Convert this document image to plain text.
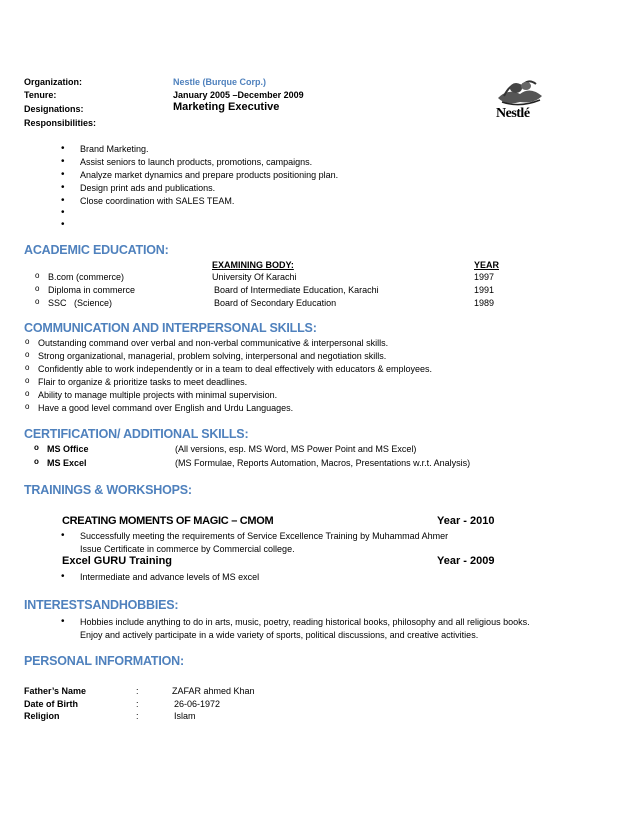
Organization:	Nestle (Burque Corp.)
Tenure:	January 2005 –December 2009
Designations:	Marketing Executive
Responsibilities:
• Brand Marketing.
• Assist seniors to launch products, promotions, campaigns.
• Analyze market dynamics and prepare products positioning plan.
• Design print ads and publications.
• Close coordination with SALES TEAM.
Nestlé
ACADEMIC EDUCATION:
EXAMINING BODY:	YEAR
o B.com (commerce)	University Of Karachi	1997
o Diploma in commerce	Board of Intermediate Education, Karachi	1991
o SSC   (Science)	Board of Secondary Education	1989
COMMUNICATION AND INTERPERSONAL SKILLS:
o Outstanding command over verbal and non-verbal communicative & interpersonal skills.
o Strong organizational, managerial, problem solving, interpersonal and negotiation skills.
o Confidently able to work independently or in a team to deal effectively with educators & employees.
o Flair to organize & prioritize tasks to meet deadlines.
o Ability to manage multiple projects with minimal supervision.
o Have a good level command over English and Urdu Languages.
CERTIFICATION/ ADDITIONAL SKILLS:
o MS Office	(All versions, esp. MS Word, MS Power Point and MS Excel)
o MS Excel	(MS Formulae, Reports Automation, Macros, Presentations w.r.t. Analysis)
TRAININGS & WORKSHOPS:
CREATING MOMENTS OF MAGIC – CMOM	Year - 2010
• Successfully meeting the requirements of Service Excellence Training by Muhammad Ahmer
Issue Certificate in commerce by Commercial college.
Excel GURU Training	Year - 2009
• Intermediate and advance levels of MS excel
INTERESTSANDHOBBIES:
• Hobbies include anything to do in arts, music, poetry, reading historical books, philosophy and all religious books.
Enjoy and actively participate in a wide variety of sports, political discussions, and creative activities.
PERSONAL INFORMATION:
Father’s Name	:	ZAFAR ahmed Khan
Date of Birth	:	26-06-1972
Religion	:	Islam
